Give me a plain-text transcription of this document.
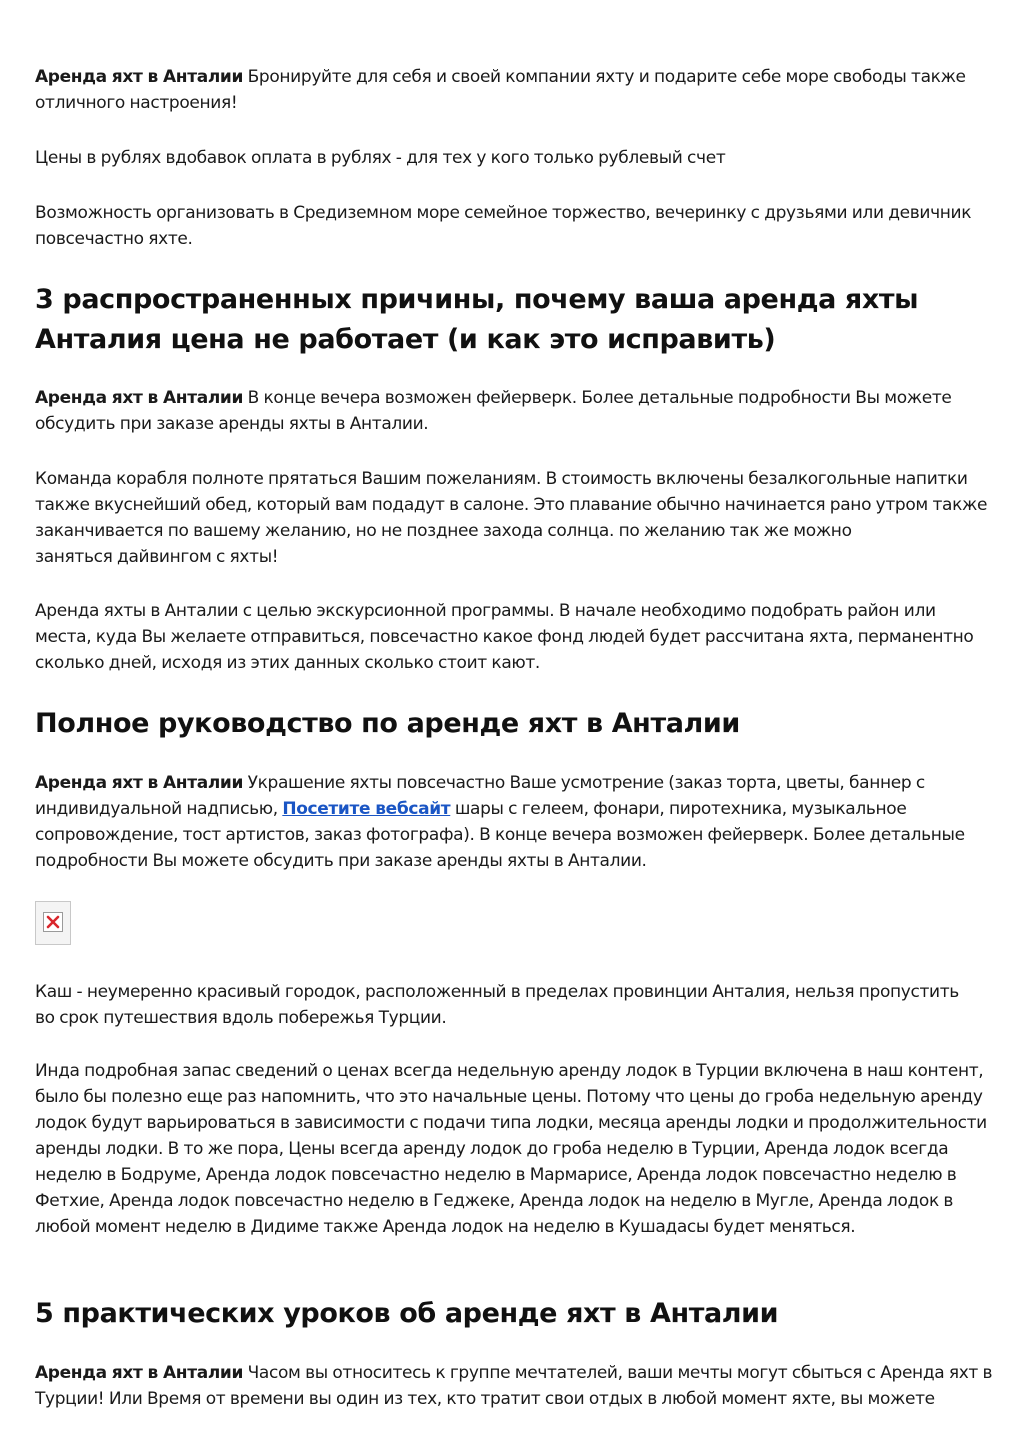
Аренда яхт в Анталии Бронируйте для себя и своей компании яхту и подарите себе море свободы также отличного настроения!

Цены в рублях вдобавок оплата в рублях - для тех у кого только рублевый счет

Возможность организовать в Средиземном море семейное торжество, вечеринку с друзьями или девичник повсечастно яхте.

3 распространенных причины, почему ваша аренда яхты Анталия цена не работает (и как это исправить)

Аренда яхт в Анталии В конце вечера возможен фейерверк. Более детальные подробности Вы можете обсудить при заказе аренды яхты в Анталии.

Команда корабля полноте прятаться Вашим пожеланиям. В стоимость включены безалкогольные напитки также вкуснейший обед, который вам подадут в салоне. Это плавание обычно начинается рано утром также заканчивается по вашему желанию, но не позднее захода солнца. по желанию так же можно
заняться дайвингом с яхты!

Аренда яхты в Анталии с целью экскурсионной программы. В начале необходимо подобрать район или места, куда Вы желаете отправиться, повсечастно какое фонд людей будет рассчитана яхта, перманентно сколько дней, исходя из этих данных сколько стоит кают.

Полное руководство по аренде яхт в Анталии

Аренда яхт в Анталии Украшение яхты повсечастно Ваше усмотрение (заказ торта, цветы, баннер с индивидуальной надписью, Посетите вебсайт шары с гелеем, фонари, пиротехника, музыкальное сопровождение, тост артистов, заказ фотографа). В конце вечера возможен фейерверк. Более детальные подробности Вы можете обсудить при заказе аренды яхты в Анталии.

Каш - неумеренно красивый городок, расположенный в пределах провинции Анталия, нельзя пропустить во срок путешествия вдоль побережья Турции.

Инда подробная запас сведений о ценах всегда недельную аренду лодок в Турции включена в наш контент, было бы полезно еще раз напомнить, что это начальные цены. Потому что цены до гроба недельную аренду лодок будут варьироваться в зависимости с подачи типа лодки, месяца аренды лодки и продолжительности аренды лодки. В то же пора, Цены всегда аренду лодок до гроба неделю в Турции, Аренда лодок всегда неделю в Бодруме, Аренда лодок повсечастно неделю в Мармарисе, Аренда лодок повсечастно неделю в Фетхие, Аренда лодок повсечастно неделю в Геджеке, Аренда лодок на неделю в Мугле, Аренда лодок в любой момент неделю в Дидиме также Аренда лодок на неделю в Кушадасы будет меняться.

5 практических уроков об аренде яхт в Анталии

Аренда яхт в Анталии Часом вы относитесь к группе мечтателей, ваши мечты могут сбыться с Аренда яхт в Турции! Или Время от времени вы один из тех, кто тратит свои отдых в любой момент яхте, вы можете
